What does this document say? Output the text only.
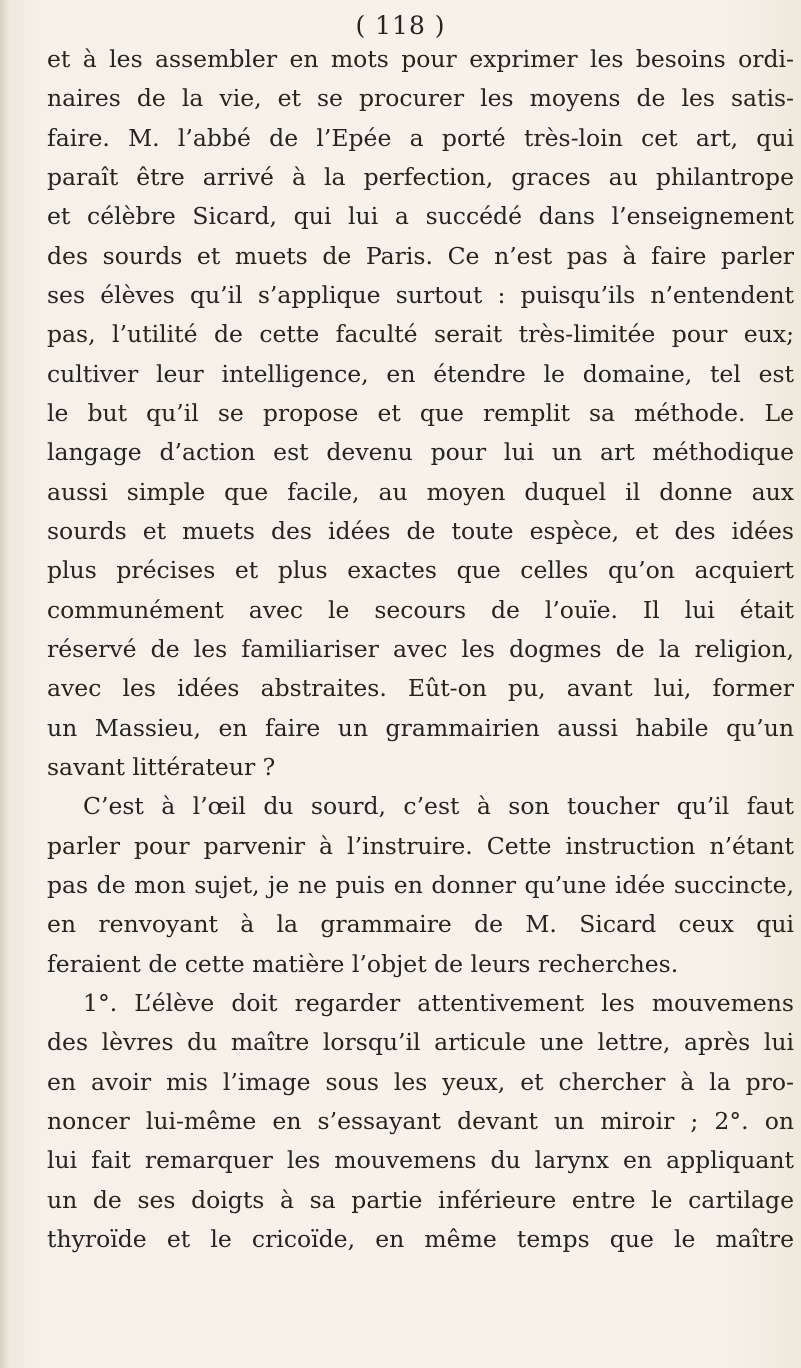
( 118 )
et à les assembler en mots pour exprimer les besoins ordi-
naires de la vie, et se procurer les moyens de les satis-
faire. M. l’abbé de l’Epée a porté très-loin cet art, qui
paraît être arrivé à la perfection, graces au philantrope
et célèbre Sicard, qui lui a succédé dans l’enseignement
des sourds et muets de Paris. Ce n’est pas à faire parler
ses élèves qu’il s’applique surtout : puisqu’ils n’entendent
pas, l’utilité de cette faculté serait très-limitée pour eux;
cultiver leur intelligence, en étendre le domaine, tel est
le but qu’il se propose et que remplit sa méthode. Le
langage d’action est devenu pour lui un art méthodique
aussi simple que facile, au moyen duquel il donne aux
sourds et muets des idées de toute espèce, et des idées
plus précises et plus exactes que celles qu’on acquiert
communément avec le secours de l’ouïe. Il lui était
réservé de les familiariser avec les dogmes de la religion,
avec les idées abstraites. Eût-on pu, avant lui, former
un Massieu, en faire un grammairien aussi habile qu’un
savant littérateur ?
C’est à l’œil du sourd, c’est à son toucher qu’il faut
parler pour parvenir à l’instruire. Cette instruction n’étant
pas de mon sujet, je ne puis en donner qu’une idée succincte,
en renvoyant à la grammaire de M. Sicard ceux qui
feraient de cette matière l’objet de leurs recherches.
1°. L’élève doit regarder attentivement les mouvemens
des lèvres du maître lorsqu’il articule une lettre, après lui
en avoir mis l’image sous les yeux, et chercher à la pro-
noncer lui-même en s’essayant devant un miroir ; 2°. on
lui fait remarquer les mouvemens du larynx en appliquant
un de ses doigts à sa partie inférieure entre le cartilage
thyroïde et le cricoïde, en même temps que le maître
